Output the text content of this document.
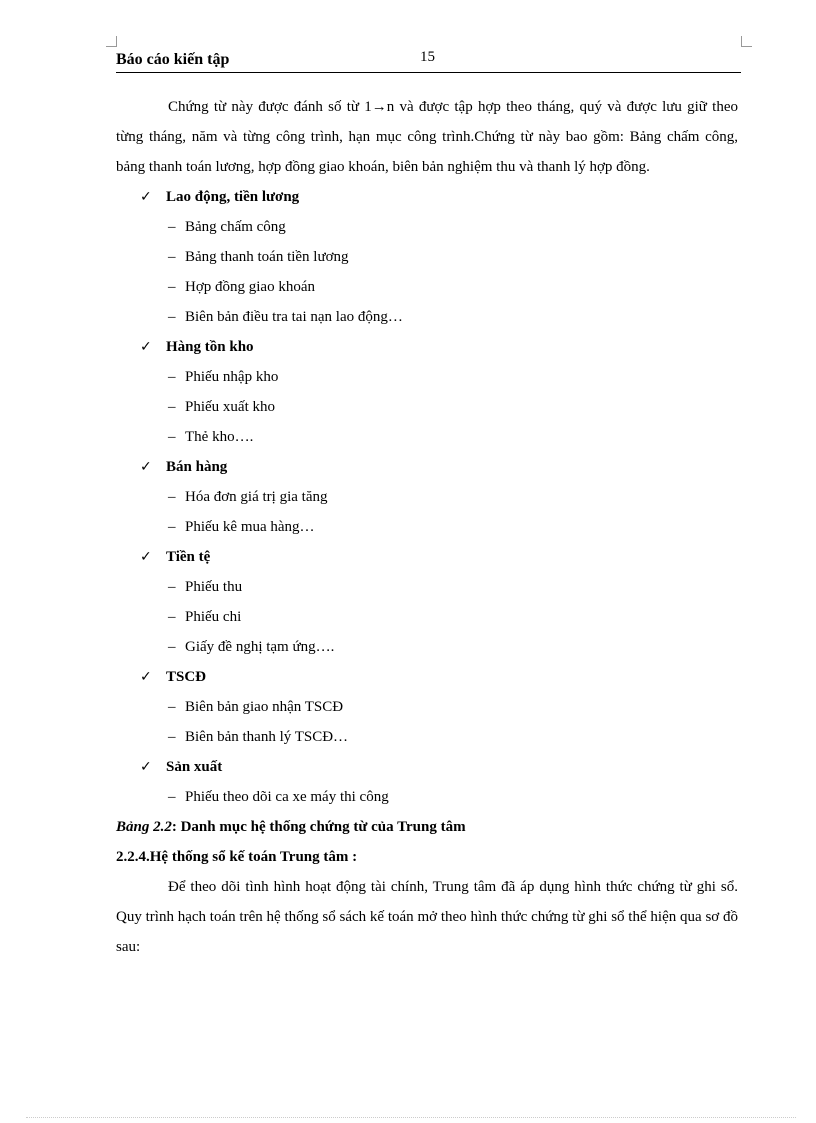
Báo cáo kiến tập	15

Chứng từ này được đánh số từ 1→n và được tập hợp theo tháng, quý và được lưu giữ theo từng tháng, năm và từng công trình, hạn mục công trình.Chứng từ này bao gồm: Bảng chấm công, bảng thanh toán lương, hợp đồng giao khoán, biên bản nghiệm thu và thanh lý hợp đồng.

✓ Lao động, tiền lương
– Bảng chấm công
– Bảng thanh toán tiền lương
– Hợp đồng giao khoán
– Biên bản điều tra tai nạn lao động…
✓ Hàng tồn kho
– Phiếu nhập kho
– Phiếu xuất kho
– Thẻ kho….
✓ Bán hàng
– Hóa đơn giá trị gia tăng
– Phiếu kê mua hàng…
✓ Tiền tệ
– Phiếu thu
– Phiếu chi
– Giấy đề nghị tạm ứng….
✓ TSCĐ
– Biên bản giao nhận TSCĐ
– Biên bản thanh lý TSCĐ…
✓ Sản xuất
– Phiếu theo dõi ca xe máy thi công
Bảng 2.2: Danh mục hệ thống chứng từ của Trung tâm
2.2.4.Hệ thống sổ kế toán Trung tâm :

Để theo dõi tình hình hoạt động tài chính, Trung tâm đã áp dụng hình thức chứng từ ghi sổ. Quy trình hạch toán trên hệ thống sổ sách kế toán mở theo hình thức chứng từ ghi sổ thể hiện qua sơ đồ sau:
